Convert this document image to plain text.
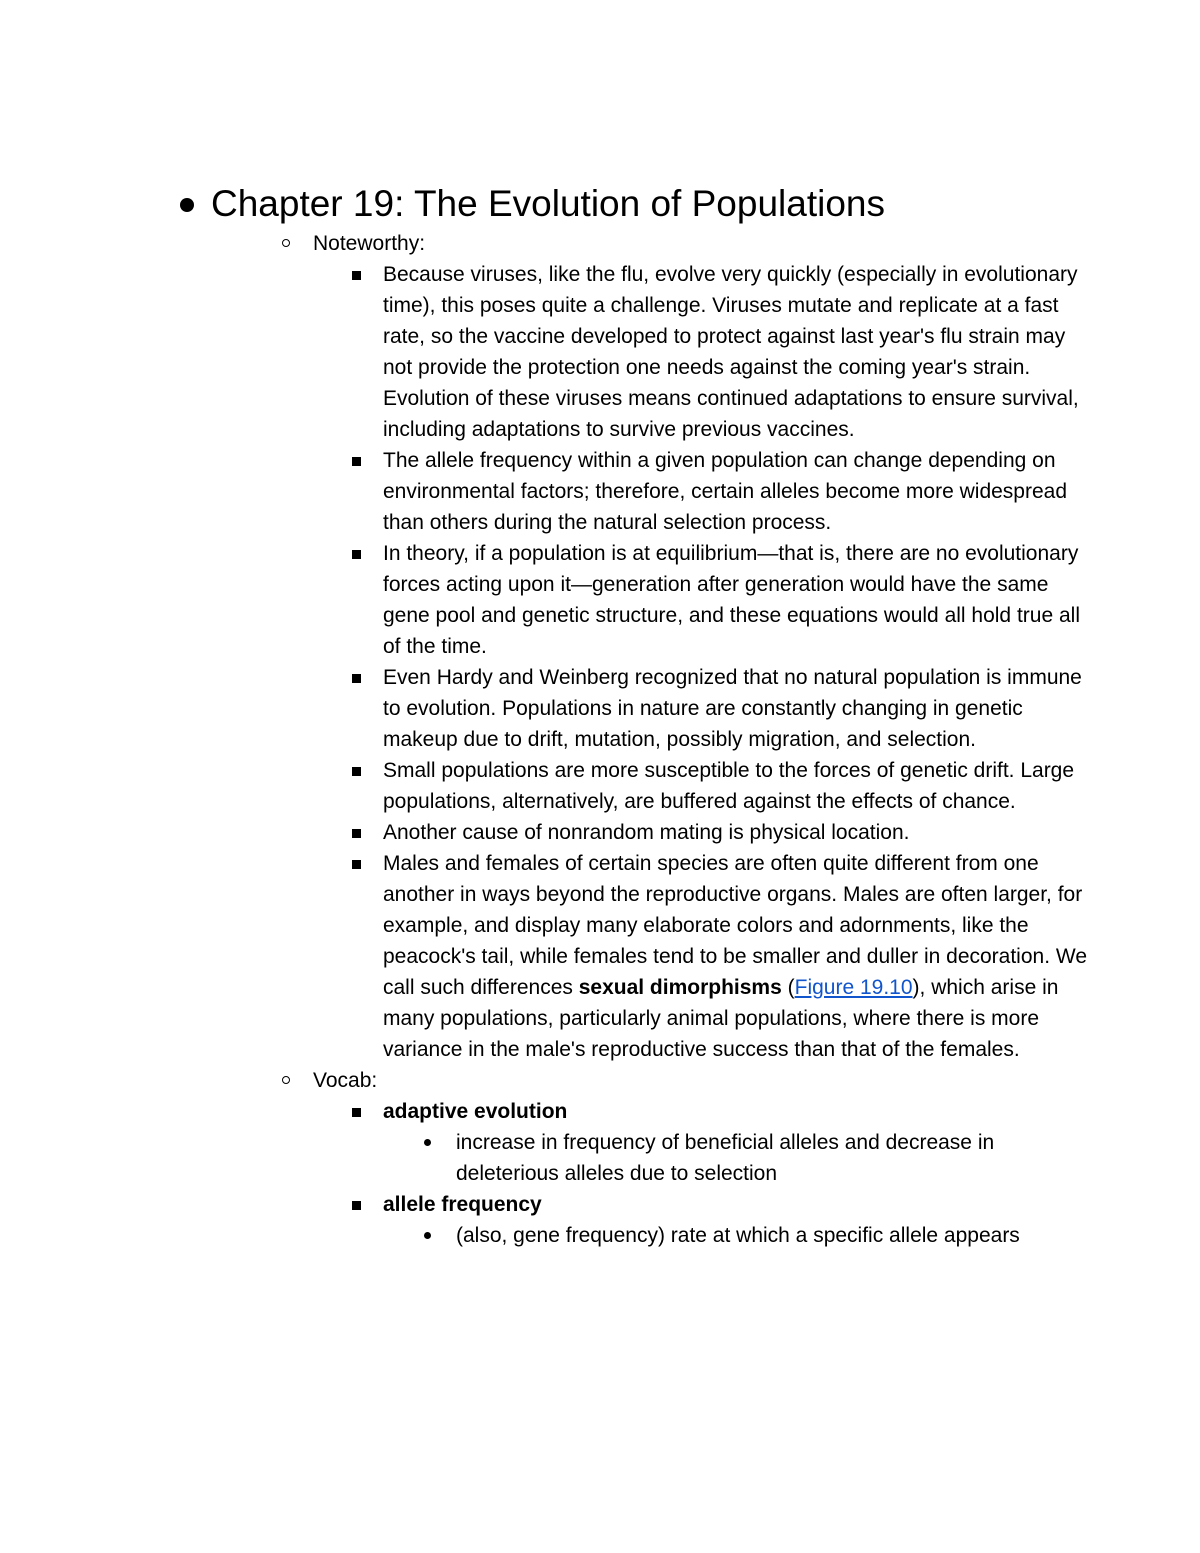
Chapter 19: The Evolution of Populations
Noteworthy:
Because viruses, like the flu, evolve very quickly (especially in evolutionary time), this poses quite a challenge. Viruses mutate and replicate at a fast rate, so the vaccine developed to protect against last year's flu strain may not provide the protection one needs against the coming year's strain. Evolution of these viruses means continued adaptations to ensure survival, including adaptations to survive previous vaccines.
The allele frequency within a given population can change depending on environmental factors; therefore, certain alleles become more widespread than others during the natural selection process.
In theory, if a population is at equilibrium—that is, there are no evolutionary forces acting upon it—generation after generation would have the same gene pool and genetic structure, and these equations would all hold true all of the time.
Even Hardy and Weinberg recognized that no natural population is immune to evolution. Populations in nature are constantly changing in genetic makeup due to drift, mutation, possibly migration, and selection.
Small populations are more susceptible to the forces of genetic drift. Large populations, alternatively, are buffered against the effects of chance.
Another cause of nonrandom mating is physical location.
Males and females of certain species are often quite different from one another in ways beyond the reproductive organs. Males are often larger, for example, and display many elaborate colors and adornments, like the peacock's tail, while females tend to be smaller and duller in decoration. We call such differences sexual dimorphisms (Figure 19.10), which arise in many populations, particularly animal populations, where there is more variance in the male's reproductive success than that of the females.
Vocab:
adaptive evolution
increase in frequency of beneficial alleles and decrease in deleterious alleles due to selection
allele frequency
(also, gene frequency) rate at which a specific allele appears
